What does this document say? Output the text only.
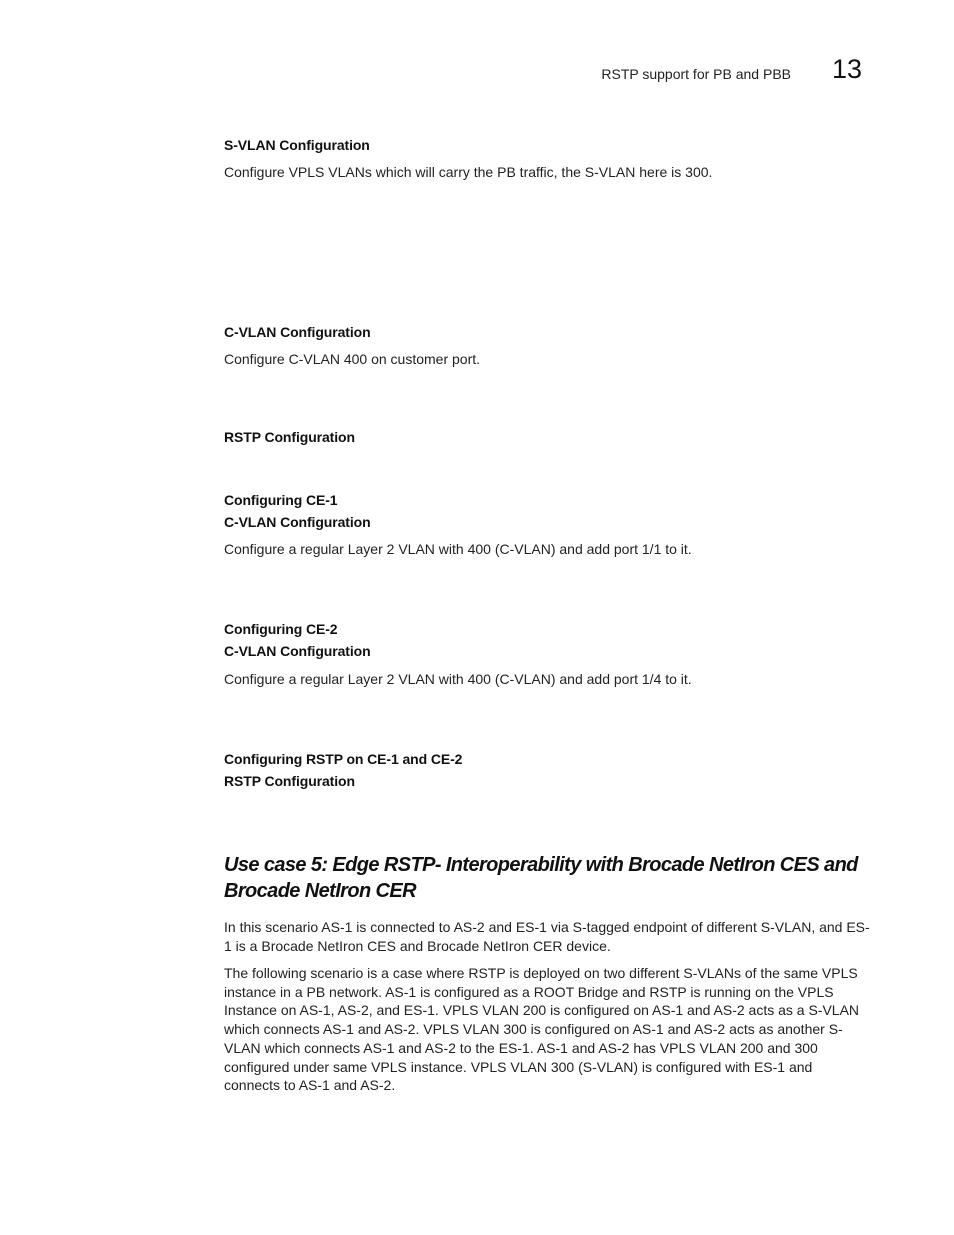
RSTP support for PB and PBB 13
S-VLAN Configuration
Configure VPLS VLANs which will carry the PB traffic, the S-VLAN here is 300.
C-VLAN Configuration
Configure C-VLAN 400 on customer port.
RSTP Configuration
Configuring CE-1
C-VLAN Configuration
Configure a regular Layer 2 VLAN with 400 (C-VLAN) and add port 1/1 to it.
Configuring CE-2
C-VLAN Configuration
Configure a regular Layer 2 VLAN with 400 (C-VLAN) and add port 1/4 to it.
Configuring RSTP on CE-1 and CE-2
RSTP Configuration
Use case 5: Edge RSTP- Interoperability with Brocade NetIron CES and Brocade NetIron CER
In this scenario AS-1 is connected to AS-2 and ES-1 via S-tagged endpoint of different S-VLAN, and ES-1 is a Brocade NetIron CES and Brocade NetIron CER device.
The following scenario is a case where RSTP is deployed on two different S-VLANs of the same VPLS instance in a PB network. AS-1 is configured as a ROOT Bridge and RSTP is running on the VPLS Instance on AS-1, AS-2, and ES-1. VPLS VLAN 200 is configured on AS-1 and AS-2 acts as a S-VLAN which connects AS-1 and AS-2. VPLS VLAN 300 is configured on AS-1 and AS-2 acts as another S-VLAN which connects AS-1 and AS-2 to the ES-1. AS-1 and AS-2 has VPLS VLAN 200 and 300 configured under same VPLS instance. VPLS VLAN 300 (S-VLAN) is configured with ES-1 and connects to AS-1 and AS-2.
